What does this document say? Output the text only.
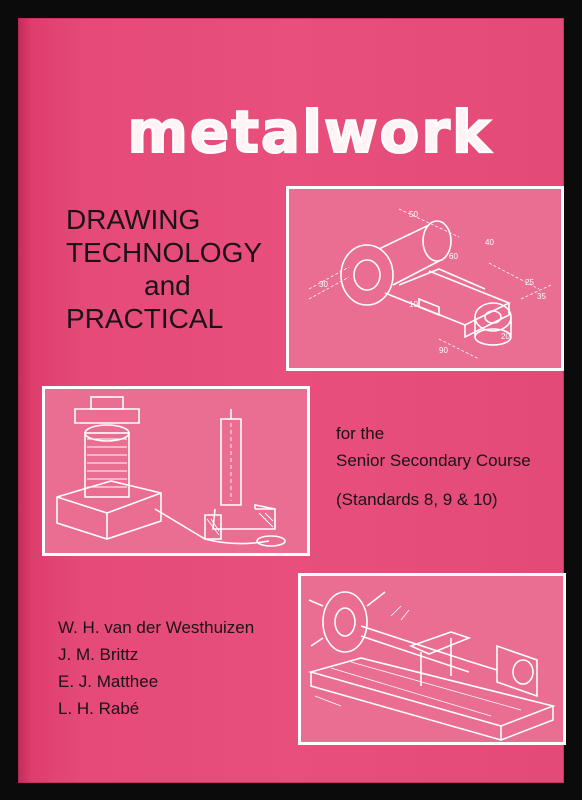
metalwork
DRAWING
TECHNOLOGY
and
PRACTICAL
50
30
10
25
35
60
40
90
20
for the
Senior Secondary Course
(Standards 8, 9 & 10)
W. H. van der Westhuizen
J. M. Brittz
E. J. Matthee
L. H. Rabé
